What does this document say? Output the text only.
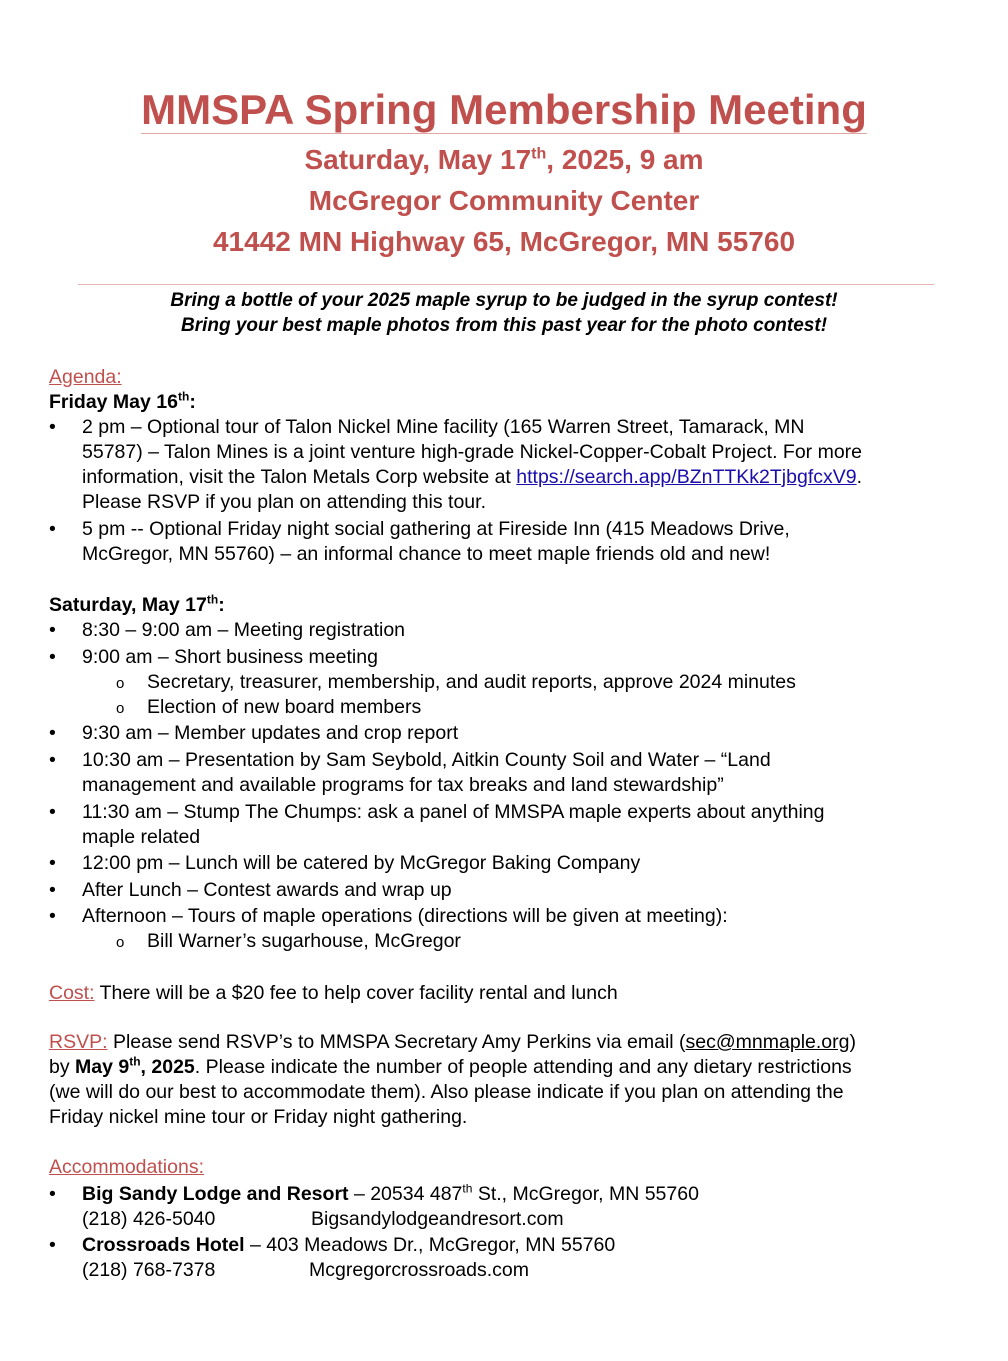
MMSPA Spring Membership Meeting
Saturday, May 17th, 2025, 9 am
McGregor Community Center
41442 MN Highway 65, McGregor, MN 55760
Bring a bottle of your 2025 maple syrup to be judged in the syrup contest!
Bring your best maple photos from this past year for the photo contest!
Agenda:
Friday May 16th:
• 2 pm – Optional tour of Talon Nickel Mine facility (165 Warren Street, Tamarack, MN
55787) – Talon Mines is a joint venture high-grade Nickel-Copper-Cobalt Project. For more
information, visit the Talon Metals Corp website at https://search.app/BZnTTKk2TjbgfcxV9.
Please RSVP if you plan on attending this tour.
• 5 pm -- Optional Friday night social gathering at Fireside Inn (415 Meadows Drive,
McGregor, MN 55760) – an informal chance to meet maple friends old and new!
Saturday, May 17th:
• 8:30 – 9:00 am – Meeting registration
• 9:00 am – Short business meeting
o Secretary, treasurer, membership, and audit reports, approve 2024 minutes
o Election of new board members
• 9:30 am – Member updates and crop report
• 10:30 am – Presentation by Sam Seybold, Aitkin County Soil and Water – “Land
management and available programs for tax breaks and land stewardship”
• 11:30 am – Stump The Chumps: ask a panel of MMSPA maple experts about anything
maple related
• 12:00 pm – Lunch will be catered by McGregor Baking Company
• After Lunch – Contest awards and wrap up
• Afternoon – Tours of maple operations (directions will be given at meeting):
o Bill Warner’s sugarhouse, McGregor
Cost: There will be a $20 fee to help cover facility rental and lunch
RSVP: Please send RSVP’s to MMSPA Secretary Amy Perkins via email (sec@mnmaple.org)
by May 9th, 2025. Please indicate the number of people attending and any dietary restrictions
(we will do our best to accommodate them). Also please indicate if you plan on attending the
Friday nickel mine tour or Friday night gathering.
Accommodations:
• Big Sandy Lodge and Resort – 20534 487th St., McGregor, MN 55760
(218) 426-5040	Bigsandylodgeandresort.com
• Crossroads Hotel – 403 Meadows Dr., McGregor, MN 55760
(218) 768-7378	Mcgregorcrossroads.com
